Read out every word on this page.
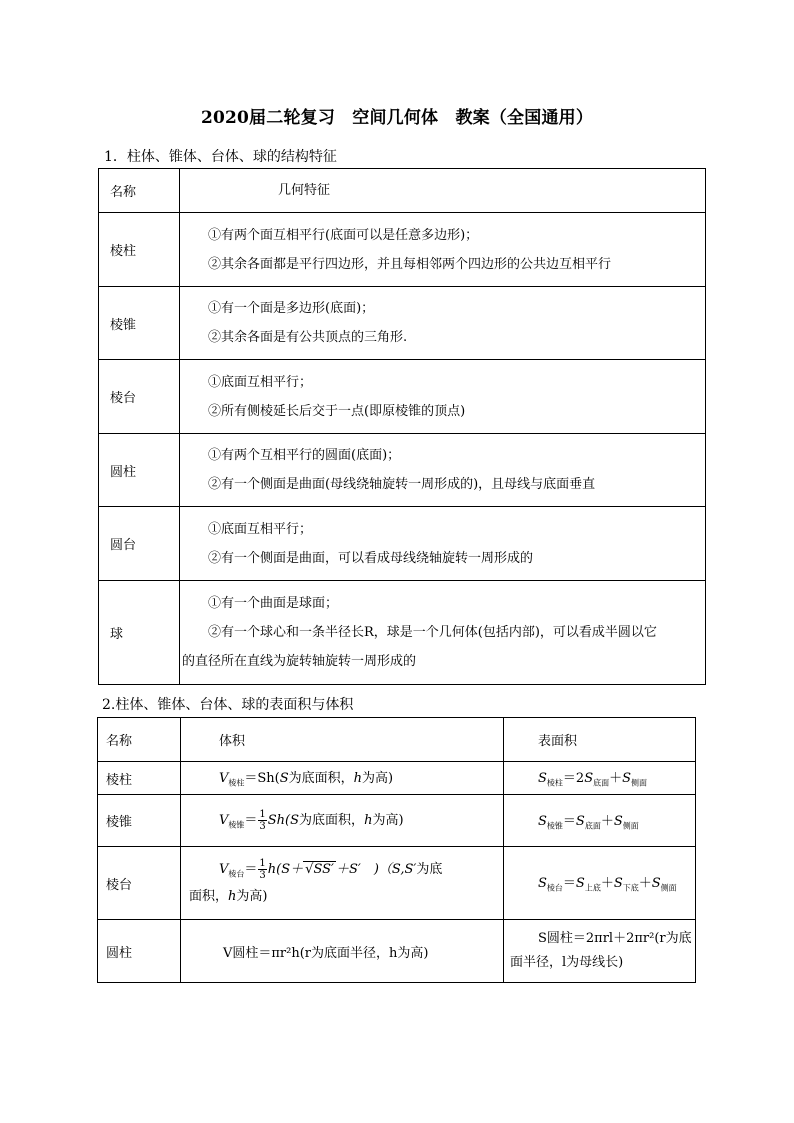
2020届二轮复习　空间几何体　教案（全国通用）
1．柱体、锥体、台体、球的结构特征
名称	几何特征
棱柱	①有两个面互相平行(底面可以是任意多边形)；
②其余各面都是平行四边形，并且每相邻两个四边形的公共边互相平行

棱锥	①有一个面是多边形(底面)；
②其余各面是有公共顶点的三角形.

棱台	①底面互相平行；
②所有侧棱延长后交于一点(即原棱锥的顶点)

圆柱	①有两个互相平行的圆面(底面)；
②有一个侧面是曲面(母线绕轴旋转一周形成的)，且母线与底面垂直

圆台	①底面互相平行；
②有一个侧面是曲面，可以看成母线绕轴旋转一周形成的

球	①有一个曲面是球面；
②有一个球心和一条半径长R，球是一个几何体(包括内部)，可以看成半圆以它
的直径所在直线为旋转轴旋转一周形成的
2.柱体、锥体、台体、球的表面积与体积
名称	体积	表面积
棱柱	$V_{棱柱}=Sh(S$为底面积，h为高)	$S_{棱柱}=2S_{底面}+S_{侧面}$
棱锥	$V_{棱锥}= \frac{1}{3} Sh(S$为底面积，h为高)	$S_{棱锥}=S_{底面}+S_{侧面}$
棱台	$V_{棱台}= \frac{1}{3} h(S+ √SS' +S'$　)（S,S′为底
面积，h为高)	$S_{棱台}=S_{上底}+S_{下底}+S_{侧面}$
圆柱	V圆柱＝πr²h(r为底面半径，h为高)	S圆柱＝2πrl＋2πr²(r为底
面半径，l为母线长)
